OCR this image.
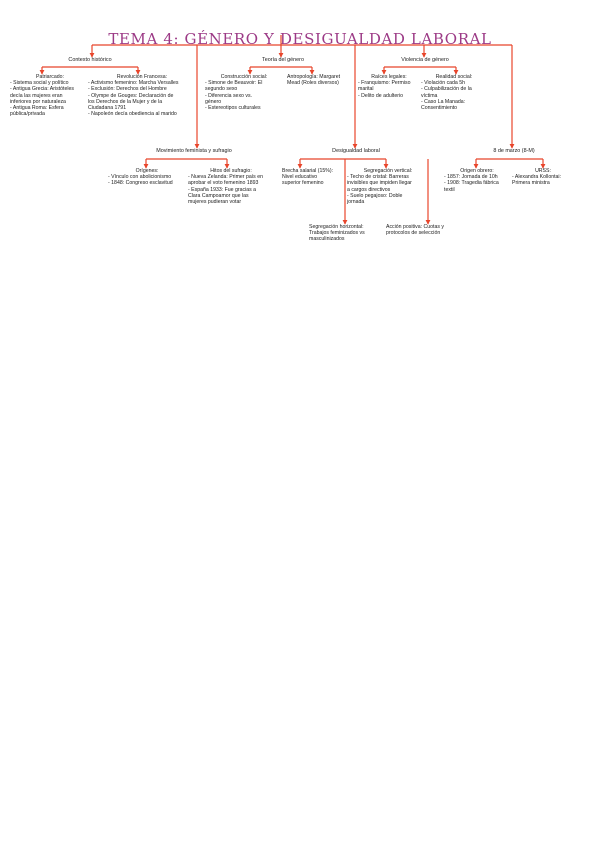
TEMA 4: GÉNERO Y DESIGUALDAD LABORAL
Contexto histórico
Patriarcado:
- Sistema social y político
- Antigua Grecia: Aristóteles
decía las mujeres eran
inferiores por naturaleza
- Antigua Roma: Esfera
pública/privada
Revolución Francesa:
- Activismo femenino: Marcha Versalles
- Exclusión: Derechos del Hombre
- Olympe de Gouges: Declaración de
los Derechos de la Mujer y de la
Ciudadana 1791
- Napoleón decía obediencia al marido
Teoría del género
Construcción social:
- Simone de Beauvoir: El
segundo sexo
- Diferencia sexo vs.
género
- Estereotipos culturales
Antropología: Margaret
Mead (Roles diversos)
Violencia de género
Raíces legales:
- Franquismo: Permiso
marital
- Delito de adulterio
Realidad social:
- Violación cada 5h
- Culpabilización de la
víctima
- Caso La Manada:
Consentimiento
Movimiento feminista y sufragio
Orígenes:
- Vínculo con abolicionismo
- 1848: Congreso esclavitud
Hitos del sufragio:
- Nueva Zelanda: Primer país en
aprobar el voto femenino 1893
- España 1933: Fue gracias a
Clara Campoamor que las
mujeres pudieran votar
Desigualdad laboral
Brecha salarial (15%):
Nivel educativo
superior femenino
Segregación vertical:
- Techo de cristal: Barreras
invisibles que impiden llegar
a cargos directivos
- Suelo pegajoso: Doble
jornada
Segregación horizontal:
Trabajos feminizados vs
masculinizados
Acción positiva: Cuotas y
protocolos de selección
8 de marzo (8-M)
Origen obrero:
- 1857: Jornada de 10h
- 1908: Tragedia fábrica
textil
URSS:
- Alexandra Kollontai:
Primera ministra
